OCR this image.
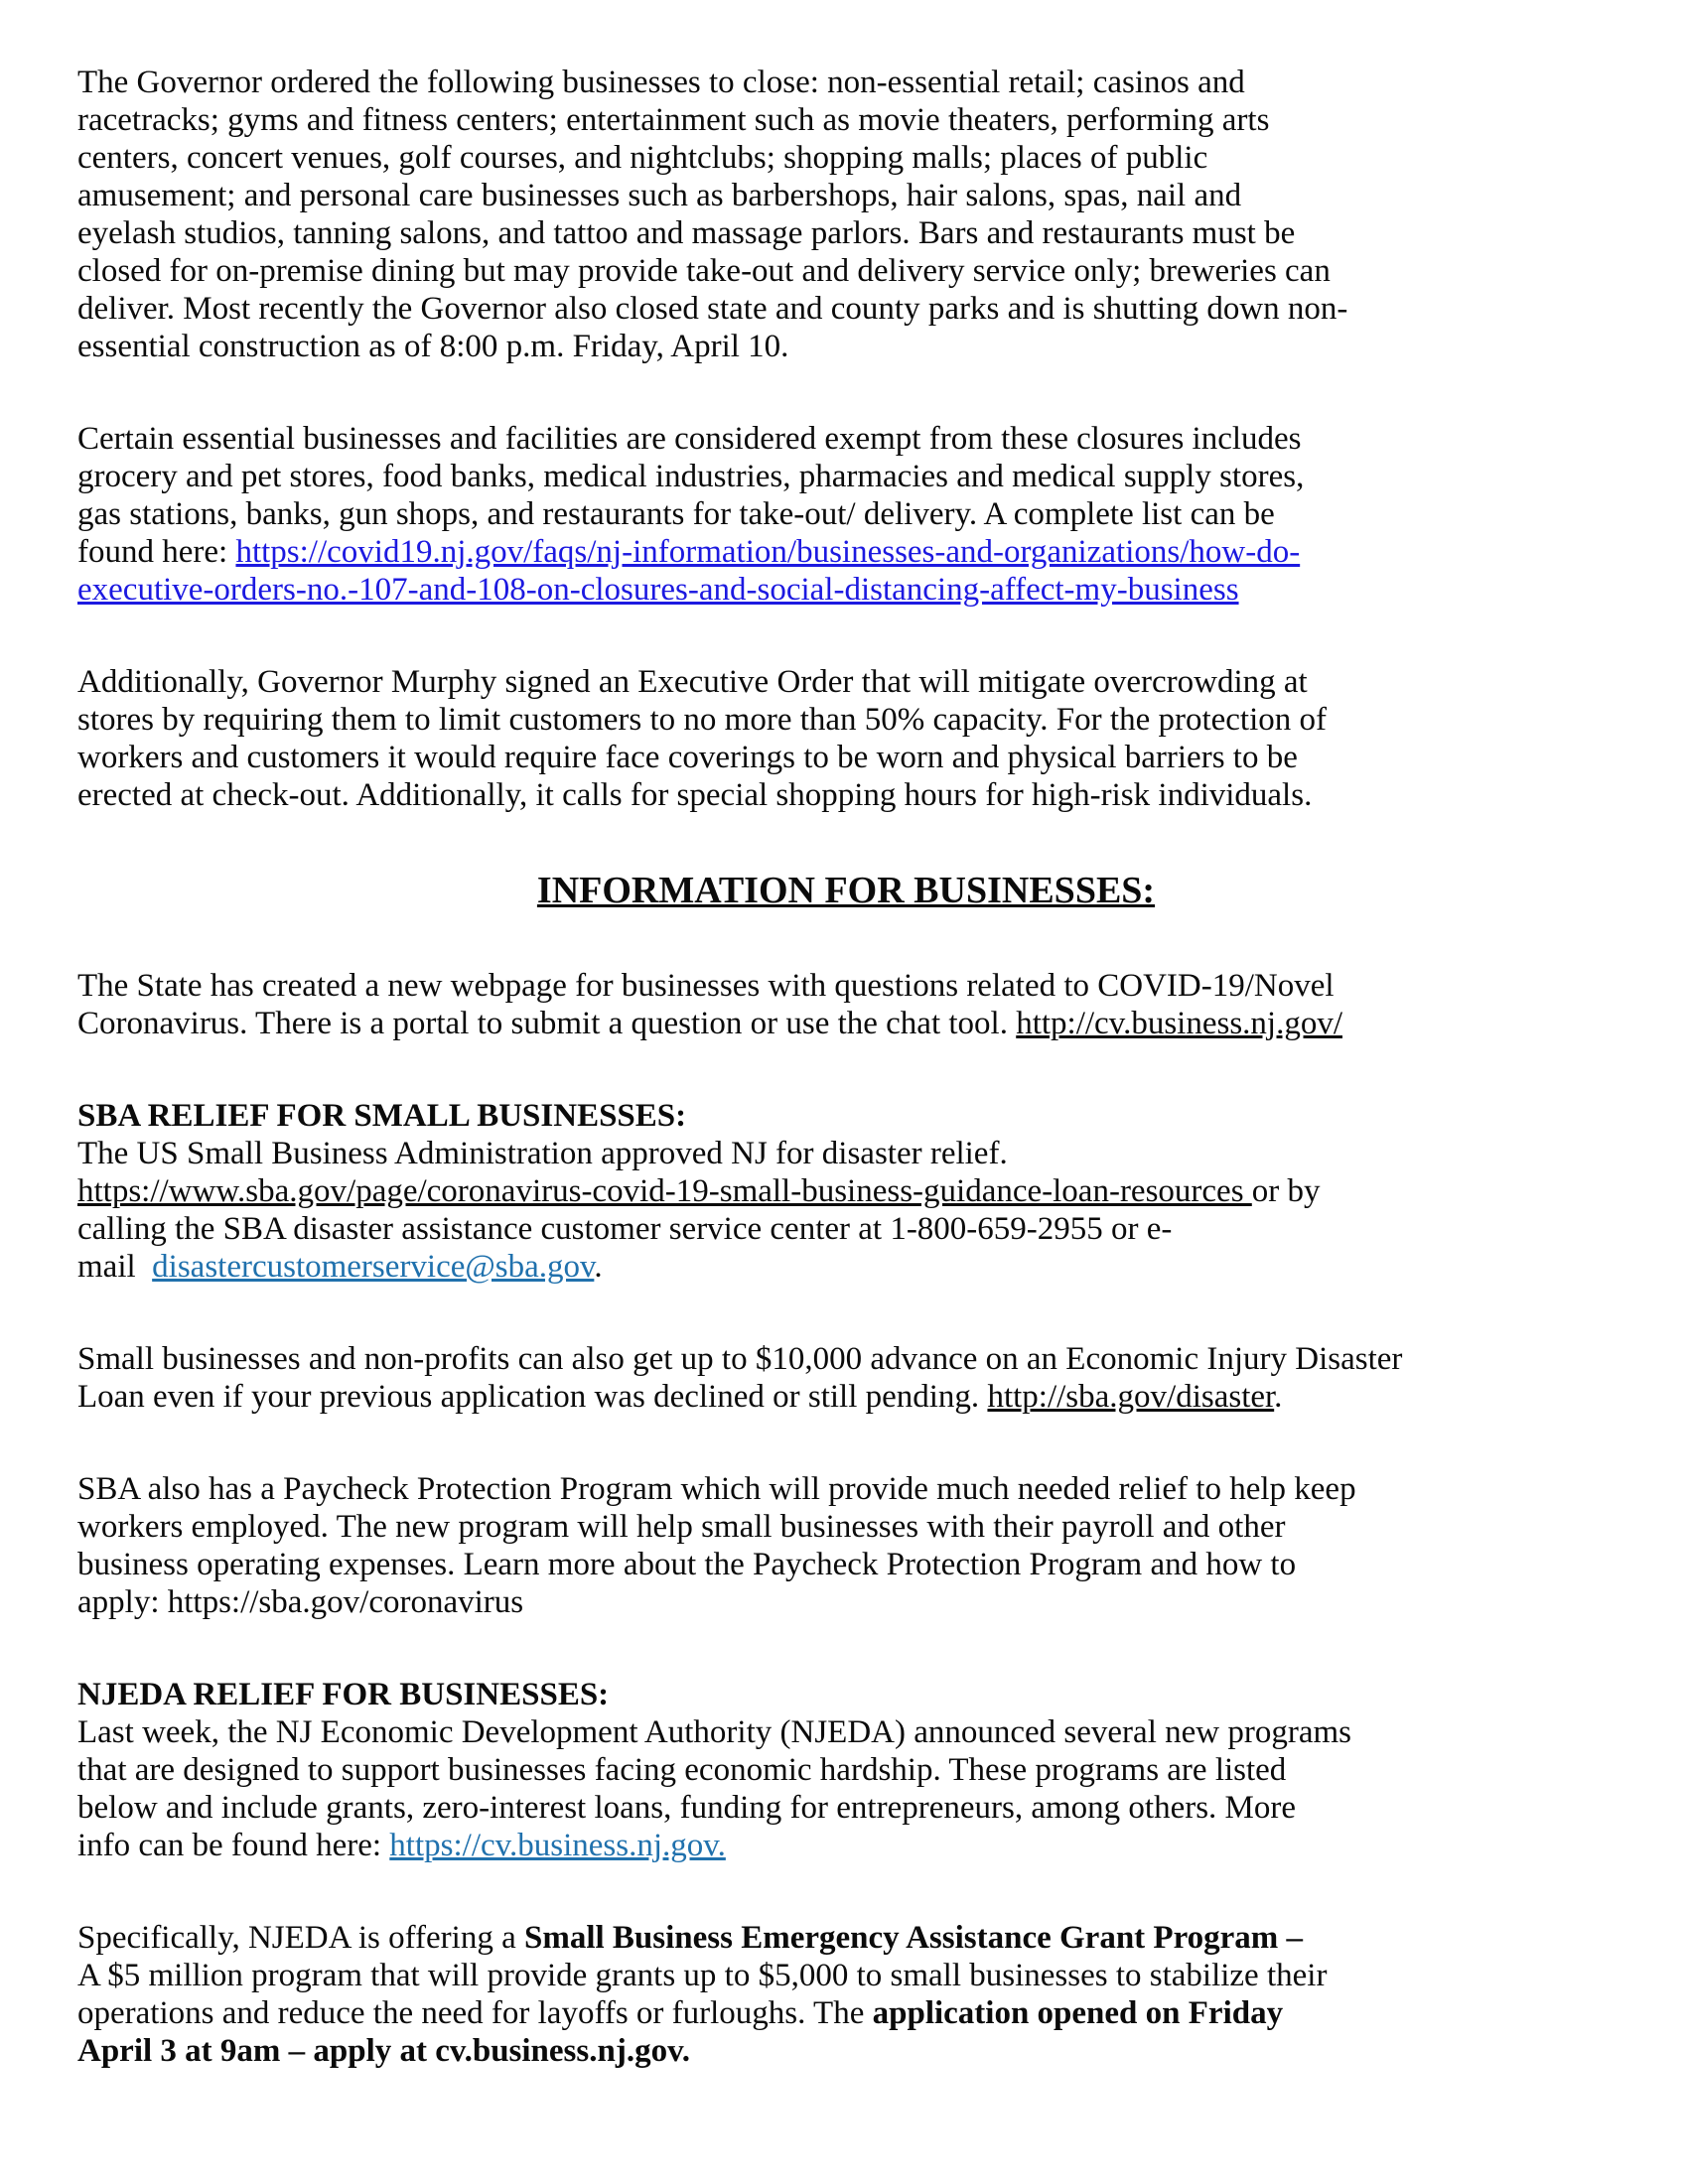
The Governor ordered the following businesses to close: non-essential retail; casinos and
racetracks; gyms and fitness centers; entertainment such as movie theaters, performing arts
centers, concert venues, golf courses, and nightclubs; shopping malls; places of public
amusement; and personal care businesses such as barbershops, hair salons, spas, nail and
eyelash studios, tanning salons, and tattoo and massage parlors. Bars and restaurants must be
closed for on-premise dining but may provide take-out and delivery service only; breweries can
deliver. Most recently the Governor also closed state and county parks and is shutting down non-
essential construction as of 8:00 p.m. Friday, April 10.
Certain essential businesses and facilities are considered exempt from these closures includes
grocery and pet stores, food banks, medical industries, pharmacies and medical supply stores,
gas stations, banks, gun shops, and restaurants for take-out/ delivery. A complete list can be
found here: https://covid19.nj.gov/faqs/nj-information/businesses-and-organizations/how-do-
executive-orders-no.-107-and-108-on-closures-and-social-distancing-affect-my-business
Additionally, Governor Murphy signed an Executive Order that will mitigate overcrowding at
stores by requiring them to limit customers to no more than 50% capacity. For the protection of
workers and customers it would require face coverings to be worn and physical barriers to be
erected at check-out. Additionally, it calls for special shopping hours for high-risk individuals.
INFORMATION FOR BUSINESSES:
The State has created a new webpage for businesses with questions related to COVID-19/Novel
Coronavirus. There is a portal to submit a question or use the chat tool. http://cv.business.nj.gov/
SBA RELIEF FOR SMALL BUSINESSES:
The US Small Business Administration approved NJ for disaster relief.
https://www.sba.gov/page/coronavirus-covid-19-small-business-guidance-loan-resources or by
calling the SBA disaster assistance customer service center at 1-800-659-2955 or e-
mail  disastercustomerservice@sba.gov.
Small businesses and non-profits can also get up to $10,000 advance on an Economic Injury Disaster
Loan even if your previous application was declined or still pending. http://sba.gov/disaster.
SBA also has a Paycheck Protection Program which will provide much needed relief to help keep
workers employed. The new program will help small businesses with their payroll and other
business operating expenses. Learn more about the Paycheck Protection Program and how to
apply: https://sba.gov/coronavirus
NJEDA RELIEF FOR BUSINESSES:
Last week, the NJ Economic Development Authority (NJEDA) announced several new programs
that are designed to support businesses facing economic hardship. These programs are listed
below and include grants, zero-interest loans, funding for entrepreneurs, among others. More
info can be found here: https://cv.business.nj.gov.
Specifically, NJEDA is offering a Small Business Emergency Assistance Grant Program –
A $5 million program that will provide grants up to $5,000 to small businesses to stabilize their
operations and reduce the need for layoffs or furloughs. The application opened on Friday
April 3 at 9am – apply at cv.business.nj.gov.
